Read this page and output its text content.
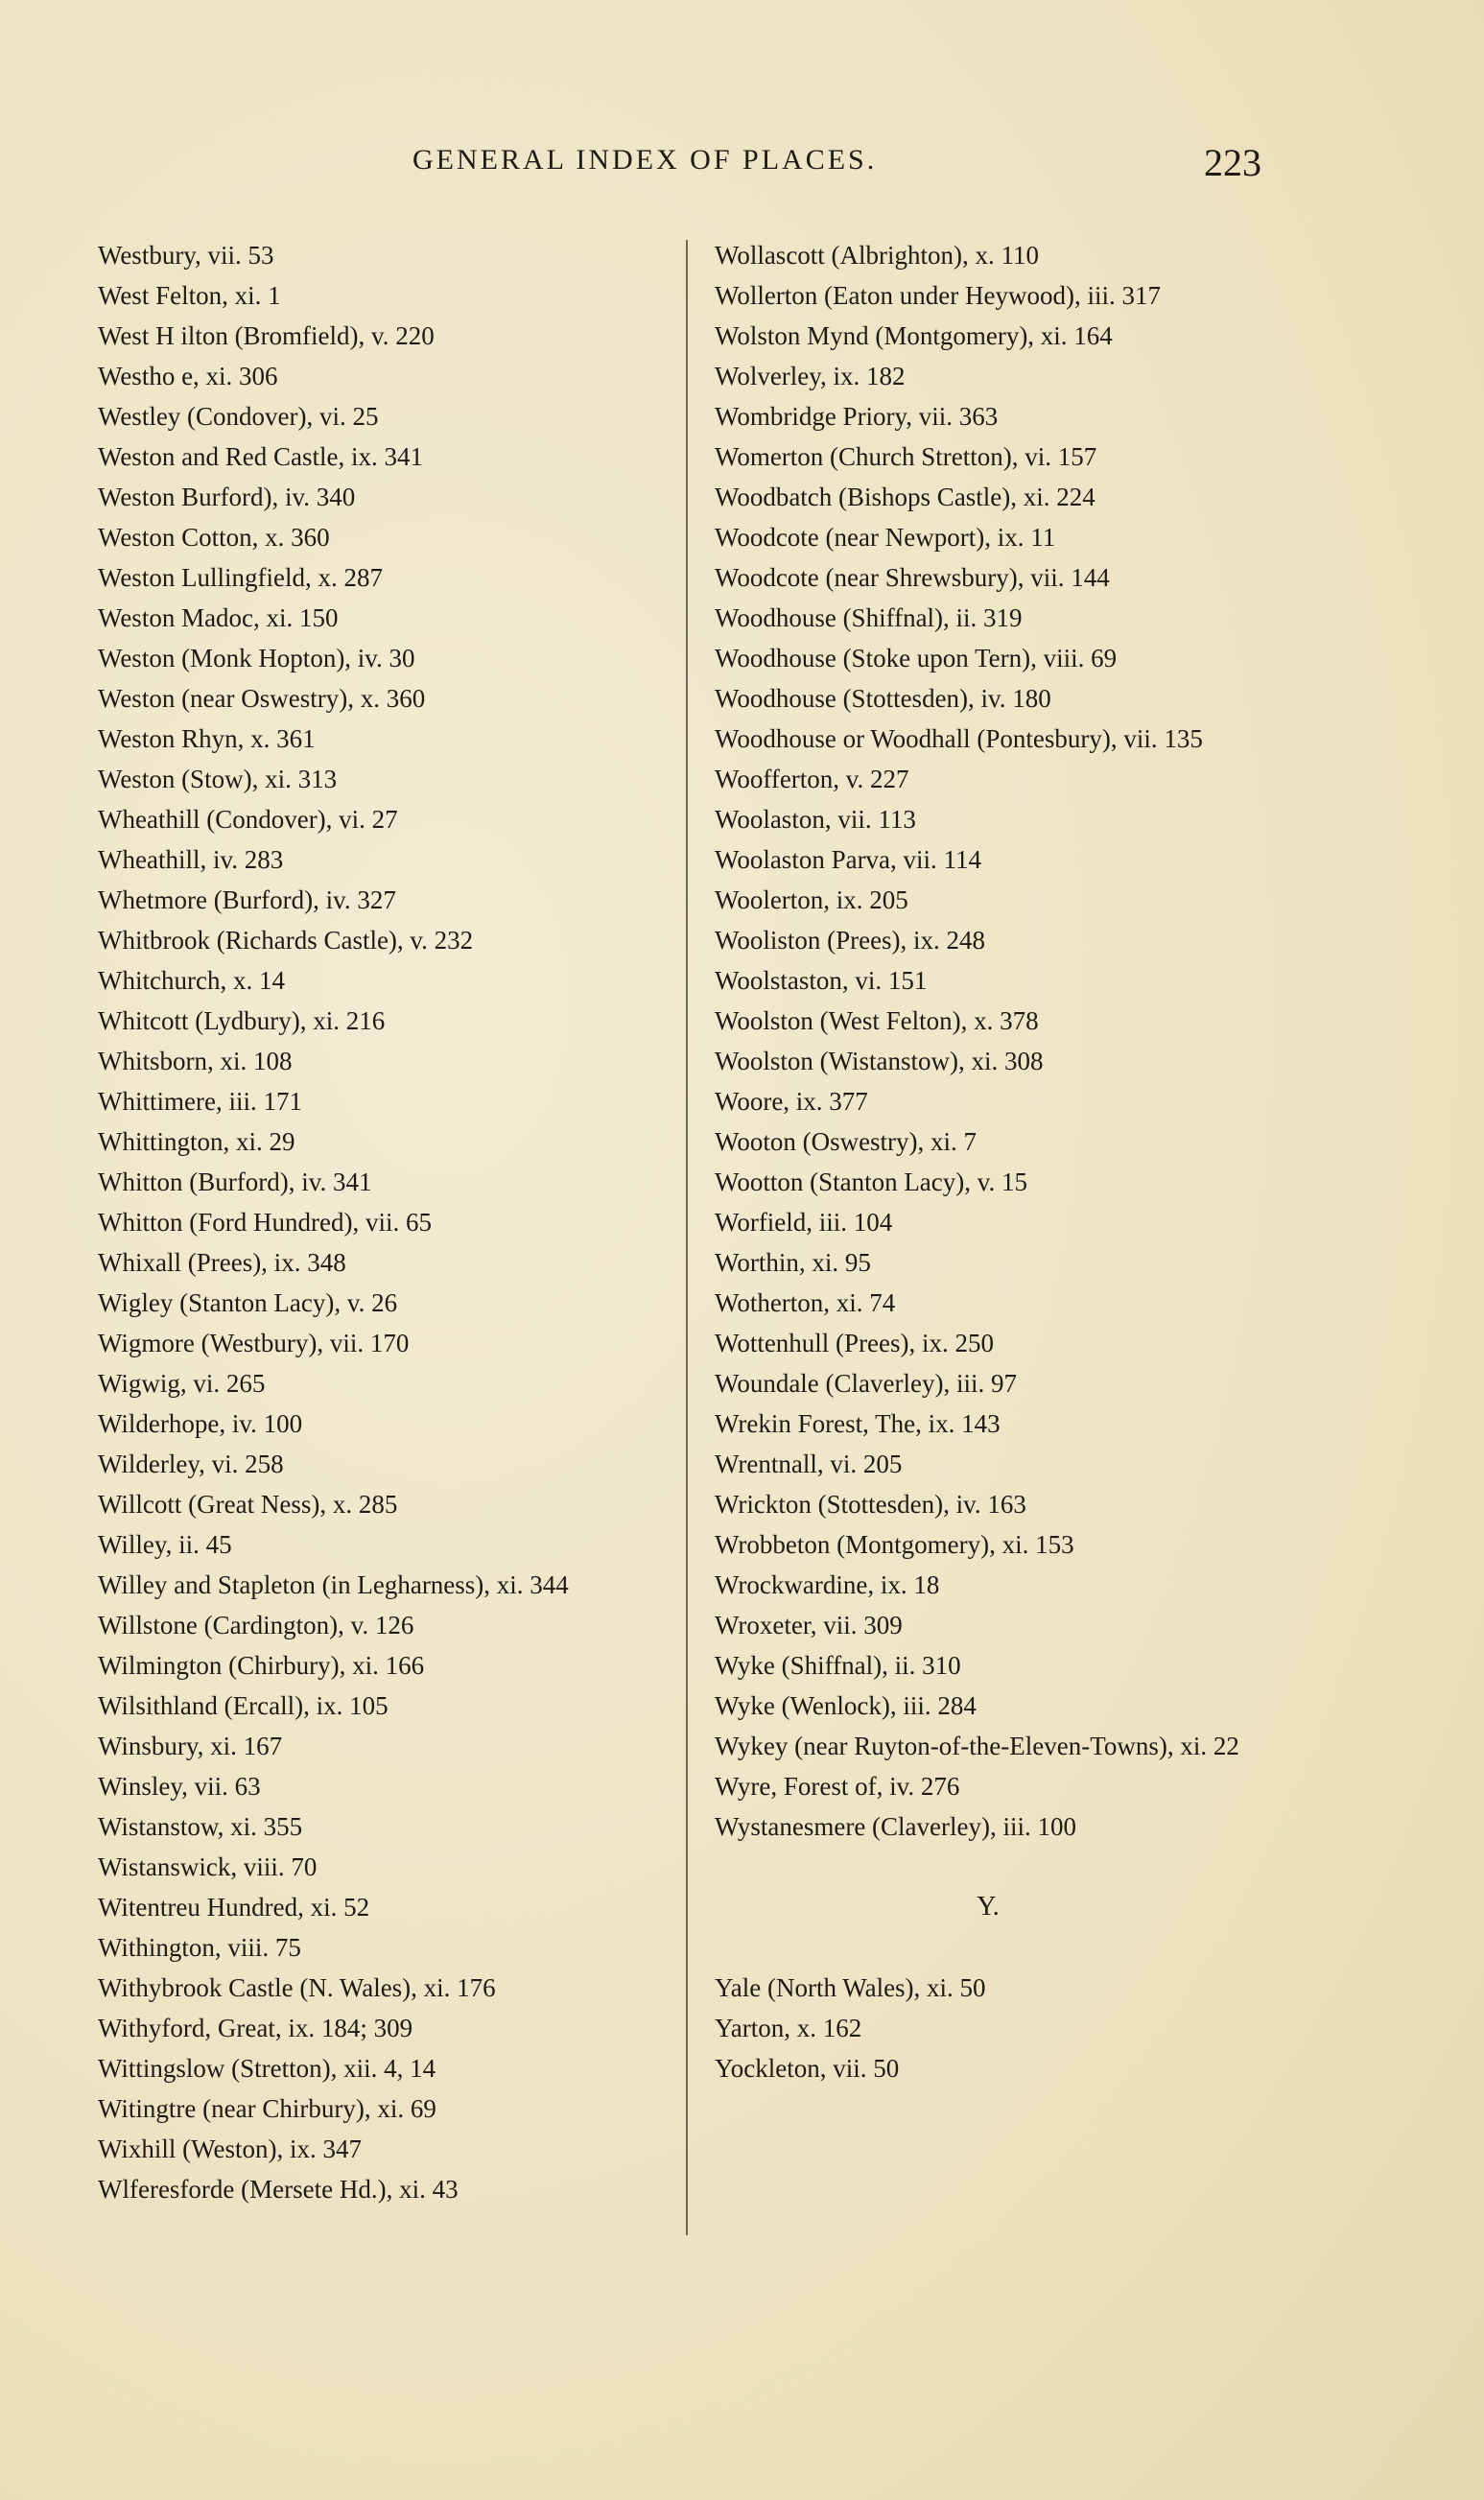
GENERAL INDEX OF PLACES.	223
Westbury, vii. 53
West Felton, xi. 1
West H ilton (Bromfield), v. 220
Westho e, xi. 306
Westley (Condover), vi. 25
Weston and Red Castle, ix. 341
Weston Burford), iv. 340
Weston Cotton, x. 360
Weston Lullingfield, x. 287
Weston Madoc, xi. 150
Weston (Monk Hopton), iv. 30
Weston (near Oswestry), x. 360
Weston Rhyn, x. 361
Weston (Stow), xi. 313
Wheathill (Condover), vi. 27
Wheathill, iv. 283
Whetmore (Burford), iv. 327
Whitbrook (Richards Castle), v. 232
Whitchurch, x. 14
Whitcott (Lydbury), xi. 216
Whitsborn, xi. 108
Whittimere, iii. 171
Whittington, xi. 29
Whitton (Burford), iv. 341
Whitton (Ford Hundred), vii. 65
Whixall (Prees), ix. 348
Wigley (Stanton Lacy), v. 26
Wigmore (Westbury), vii. 170
Wigwig, vi. 265
Wilderhope, iv. 100
Wilderley, vi. 258
Willcott (Great Ness), x. 285
Willey, ii. 45
Willey and Stapleton (in Legharness), xi. 344
Willstone (Cardington), v. 126
Wilmington (Chirbury), xi. 166
Wilsithland (Ercall), ix. 105
Winsbury, xi. 167
Winsley, vii. 63
Wistanstow, xi. 355
Wistanswick, viii. 70
Witentreu Hundred, xi. 52
Withington, viii. 75
Withybrook Castle (N. Wales), xi. 176
Withyford, Great, ix. 184; 309
Wittingslow (Stretton), xii. 4, 14
Witingtre (near Chirbury), xi. 69
Wixhill (Weston), ix. 347
Wlferesforde (Mersete Hd.), xi. 43
Wollascott (Albrighton), x. 110
Wollerton (Eaton under Heywood), iii. 317
Wolston Mynd (Montgomery), xi. 164
Wolverley, ix. 182
Wombridge Priory, vii. 363
Womerton (Church Stretton), vi. 157
Woodbatch (Bishops Castle), xi. 224
Woodcote (near Newport), ix. 11
Woodcote (near Shrewsbury), vii. 144
Woodhouse (Shiffnal), ii. 319
Woodhouse (Stoke upon Tern), viii. 69
Woodhouse (Stottesden), iv. 180
Woodhouse or Woodhall (Pontesbury), vii. 135
Woofferton, v. 227
Woolaston, vii. 113
Woolaston Parva, vii. 114
Woolerton, ix. 205
Wooliston (Prees), ix. 248
Woolstaston, vi. 151
Woolston (West Felton), x. 378
Woolston (Wistanstow), xi. 308
Woore, ix. 377
Wooton (Oswestry), xi. 7
Wootton (Stanton Lacy), v. 15
Worfield, iii. 104
Worthin, xi. 95
Wotherton, xi. 74
Wottenhull (Prees), ix. 250
Woundale (Claverley), iii. 97
Wrekin Forest, The, ix. 143
Wrentnall, vi. 205
Wrickton (Stottesden), iv. 163
Wrobbeton (Montgomery), xi. 153
Wrockwardine, ix. 18
Wroxeter, vii. 309
Wyke (Shiffnal), ii. 310
Wyke (Wenlock), iii. 284
Wykey (near Ruyton-of-the-Eleven-Towns), xi. 22
Wyre, Forest of, iv. 276
Wystanesmere (Claverley), iii. 100
Y.
Yale (North Wales), xi. 50
Yarton, x. 162
Yockleton, vii. 50
